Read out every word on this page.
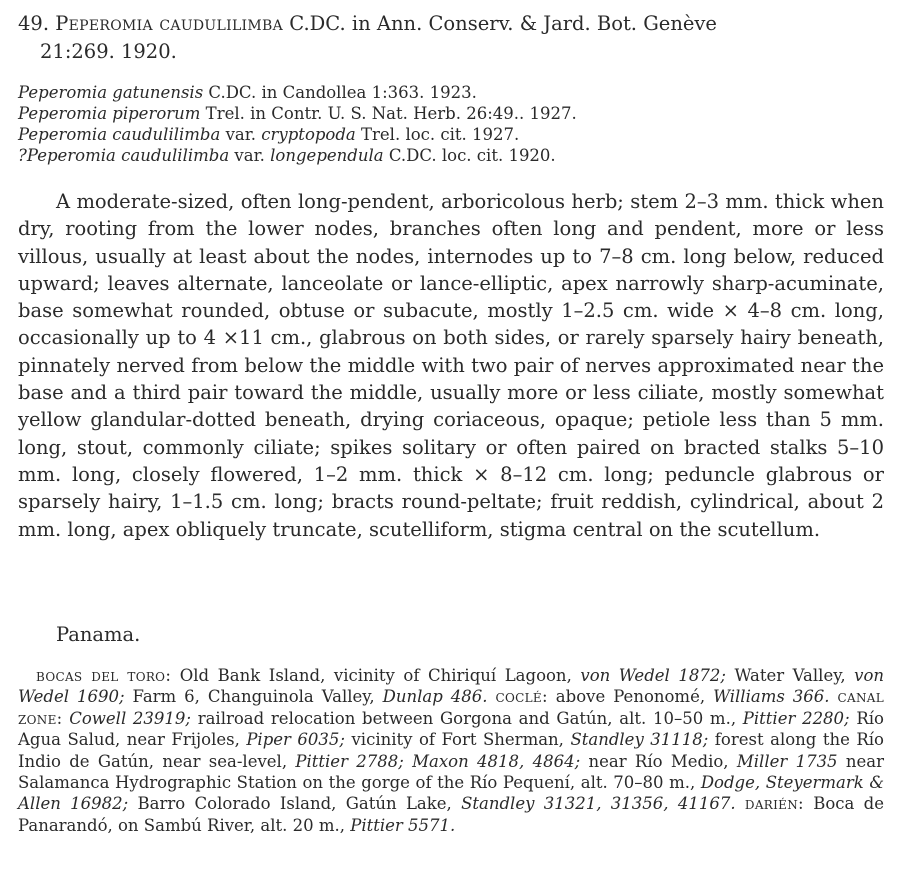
49. Peperomia caudulilimba C.DC. in Ann. Conserv. & Jard. Bot. Genève
21:269. 1920.
Peperomia gatunensis C.DC. in Candollea 1:363. 1923.
Peperomia piperorum Trel. in Contr. U. S. Nat. Herb. 26:49.. 1927.
Peperomia caudulilimba var. cryptopoda Trel. loc. cit. 1927.
?Peperomia caudulilimba var. longependula C.DC. loc. cit. 1920.

A moderate-sized, often long-pendent, arboricolous herb; stem 2–3 mm. thick when dry, rooting from the lower nodes, branches often long and pendent, more or less villous, usually at least about the nodes, internodes up to 7–8 cm. long below, reduced upward; leaves alternate, lanceolate or lance-elliptic, apex narrowly sharp-acuminate, base somewhat rounded, obtuse or subacute, mostly 1–2.5 cm. wide × 4–8 cm. long, occasionally up to 4 ×11 cm., glabrous on both sides, or rarely sparsely hairy beneath, pinnately nerved from below the middle with two pair of nerves approximated near the base and a third pair toward the middle, usually more or less ciliate, mostly somewhat yellow glandular-dotted beneath, drying coriaceous, opaque; petiole less than 5 mm. long, stout, commonly ciliate; spikes solitary or often paired on bracted stalks 5–10 mm. long, closely flowered, 1–2 mm. thick × 8–12 cm. long; peduncle glabrous or sparsely hairy, 1–1.5 cm. long; bracts round-peltate; fruit reddish, cylindrical, about 2 mm. long, apex obliquely truncate, scutelliform, stigma central on the scutellum.

Panama.

bocas del toro: Old Bank Island, vicinity of Chiriquí Lagoon, von Wedel 1872; Water Valley, von Wedel 1690; Farm 6, Changuinola Valley, Dunlap 486. coclé: above Penonomé, Williams 366. canal zone: Cowell 23919; railroad relocation between Gorgona and Gatún, alt. 10–50 m., Pittier 2280; Río Agua Salud, near Frijoles, Piper 6035; vicinity of Fort Sherman, Standley 31118; forest along the Río Indio de Gatún, near sea-level, Pittier 2788; Maxon 4818, 4864; near Río Medio, Miller 1735 near Salamanca Hydrographic Station on the gorge of the Río Pequení, alt. 70–80 m., Dodge, Steyermark & Allen 16982; Barro Colorado Island, Gatún Lake, Standley 31321, 31356, 41167. darién: Boca de Panarandó, on Sambú River, alt. 20 m., Pittier 5571.
